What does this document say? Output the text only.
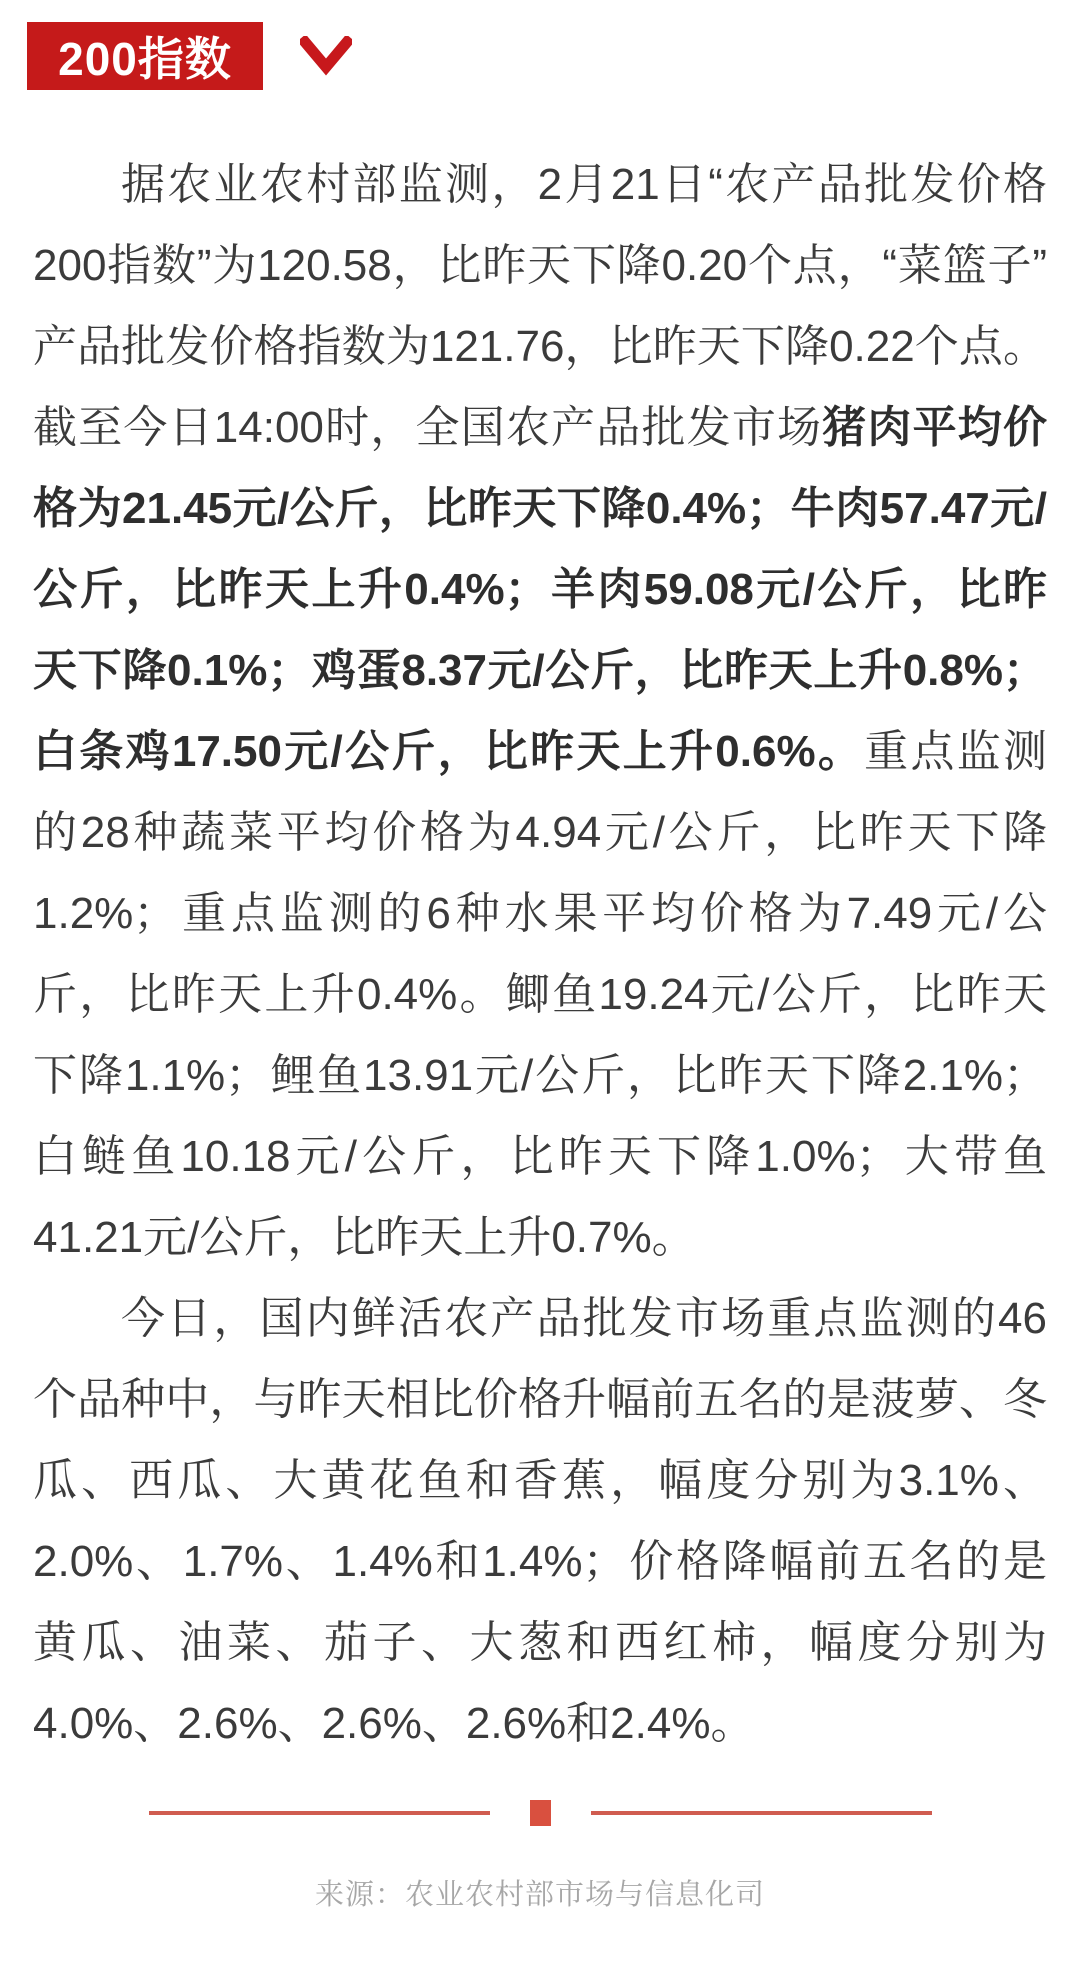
200指数

据农业农村部监测，2月21日“农产品批发价格200指数”为120.58，比昨天下降0.20个点，“菜篮子”产品批发价格指数为121.76，比昨天下降0.22个点。截至今日14:00时，全国农产品批发市场猪肉平均价格为21.45元/公斤，比昨天下降0.4%；牛肉57.47元/公斤，比昨天上升0.4%；羊肉59.08元/公斤，比昨天下降0.1%；鸡蛋8.37元/公斤，比昨天上升0.8%；白条鸡17.50元/公斤，比昨天上升0.6%。重点监测的28种蔬菜平均价格为4.94元/公斤，比昨天下降1.2%；重点监测的6种水果平均价格为7.49元/公斤，比昨天上升0.4%。鲫鱼19.24元/公斤，比昨天下降1.1%；鲤鱼13.91元/公斤，比昨天下降2.1%；白鲢鱼10.18元/公斤，比昨天下降1.0%；大带鱼41.21元/公斤，比昨天上升0.7%。

今日，国内鲜活农产品批发市场重点监测的46个品种中，与昨天相比价格升幅前五名的是菠萝、冬瓜、西瓜、大黄花鱼和香蕉，幅度分别为3.1%、2.0%、1.7%、1.4%和1.4%；价格降幅前五名的是黄瓜、油菜、茄子、大葱和西红柿，幅度分别为4.0%、2.6%、2.6%、2.6%和2.4%。

来源：农业农村部市场与信息化司
